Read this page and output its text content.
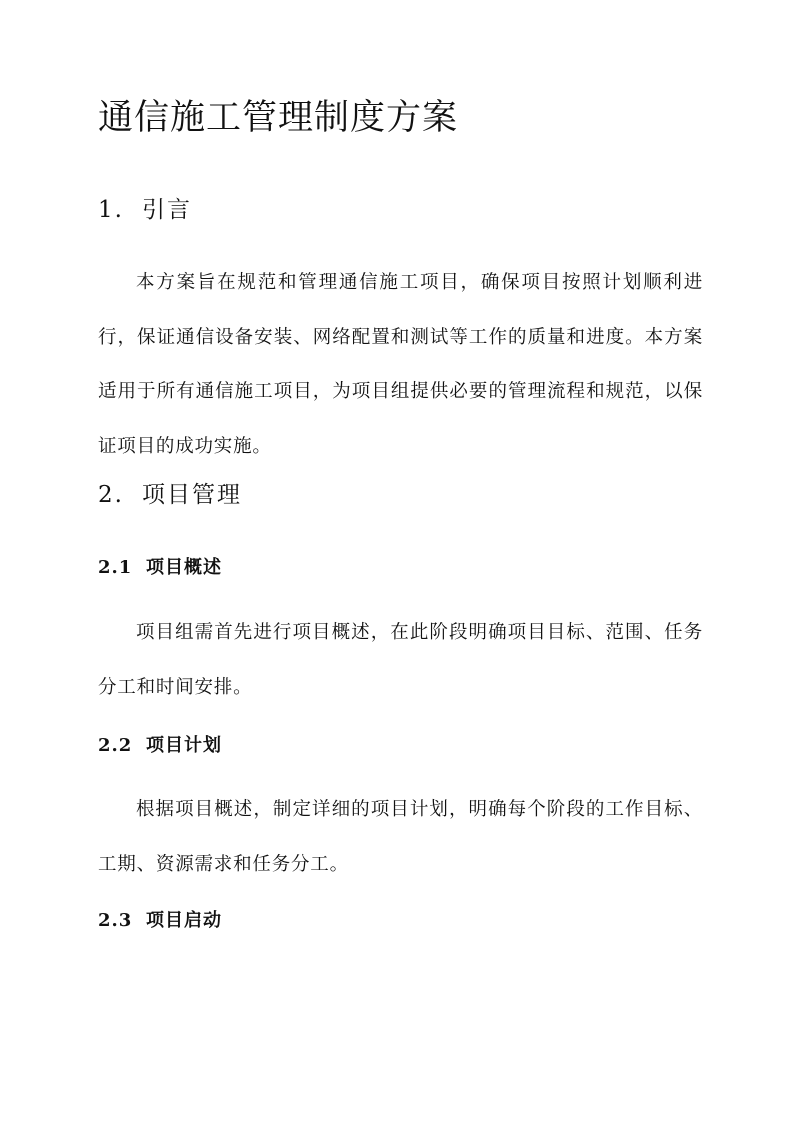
通信施工管理制度方案
1. 引言

本方案旨在规范和管理通信施工项目，确保项目按照计划顺利进行，保证通信设备安装、网络配置和测试等工作的质量和进度。本方案适用于所有通信施工项目，为项目组提供必要的管理流程和规范，以保证项目的成功实施。

2. 项目管理
2.1 项目概述

项目组需首先进行项目概述，在此阶段明确项目目标、范围、任务分工和时间安排。

2.2 项目计划

根据项目概述，制定详细的项目计划，明确每个阶段的工作目标、工期、资源需求和任务分工。

2.3 项目启动
